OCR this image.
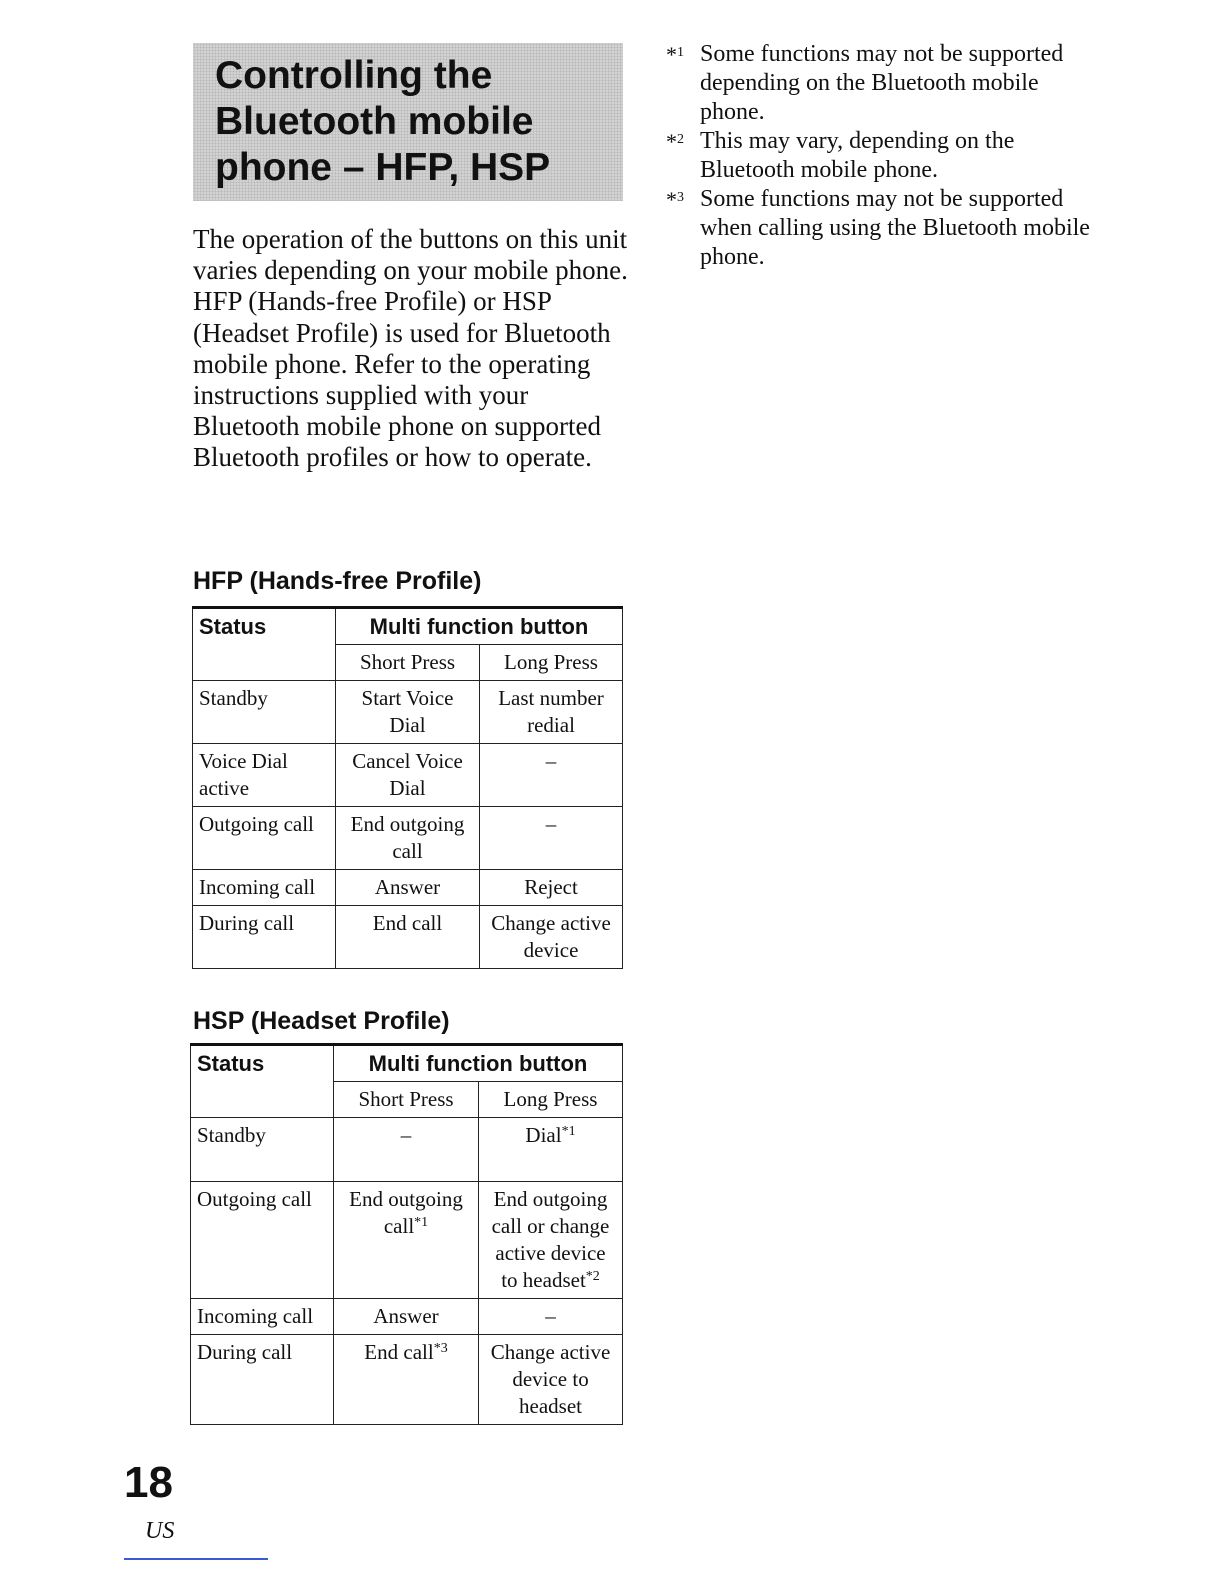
Controlling the
Bluetooth mobile
phone – HFP, HSP

The operation of the buttons on this unit varies depending on your mobile phone.

HFP (Hands-free Profile) or HSP (Headset Profile) is used for Bluetooth mobile phone. Refer to the operating instructions supplied with your Bluetooth mobile phone on supported Bluetooth profiles or how to operate.

HFP (Hands-free Profile)
Status	Multi function button	
	Short Press	Long Press
Standby	Start Voice Dial	Last number redial
Voice Dial active	Cancel Voice Dial	–
Outgoing call	End outgoing call	–
Incoming call	Answer	Reject
During call	End call	Change active device
HSP (Headset Profile)
Status	Multi function button	
	Short Press	Long Press
Standby	–	Dial$^{*1}$
Outgoing call	End outgoing call$^{*1}$	End outgoing call or change active device to headset$^{*2}$
Incoming call	Answer	–
During call	End call$^{*3}$	Change active device to headset
*$^1$ Some functions may not be supported depending on the Bluetooth mobile phone.
*$^2$ This may vary, depending on the Bluetooth mobile phone.
*$^3$ Some functions may not be supported when calling using the Bluetooth mobile phone.
18
US
